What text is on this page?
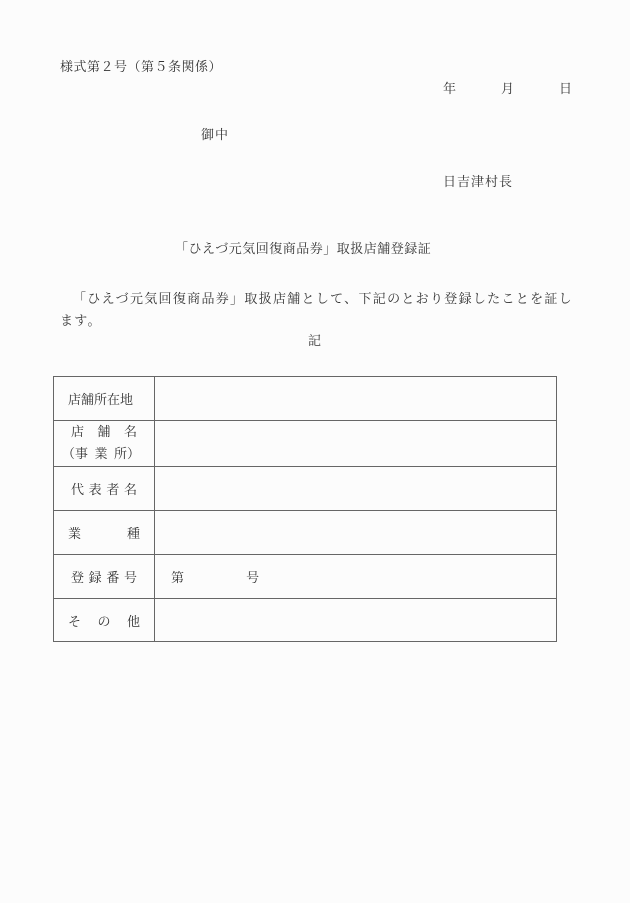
様式第２号（第５条関係）
年	月	日
御中
日吉津村長
「ひえづ元気回復商品券」取扱店舗登録証
「ひえづ元気回復商品券」取扱店舗として、下記のとおり登録したことを証します。
記
店舗所在地	

店 舗 名
（事 業 所）

代 表 者 名	

業 種	

登 録 番 号	第 号

そ の 他	
